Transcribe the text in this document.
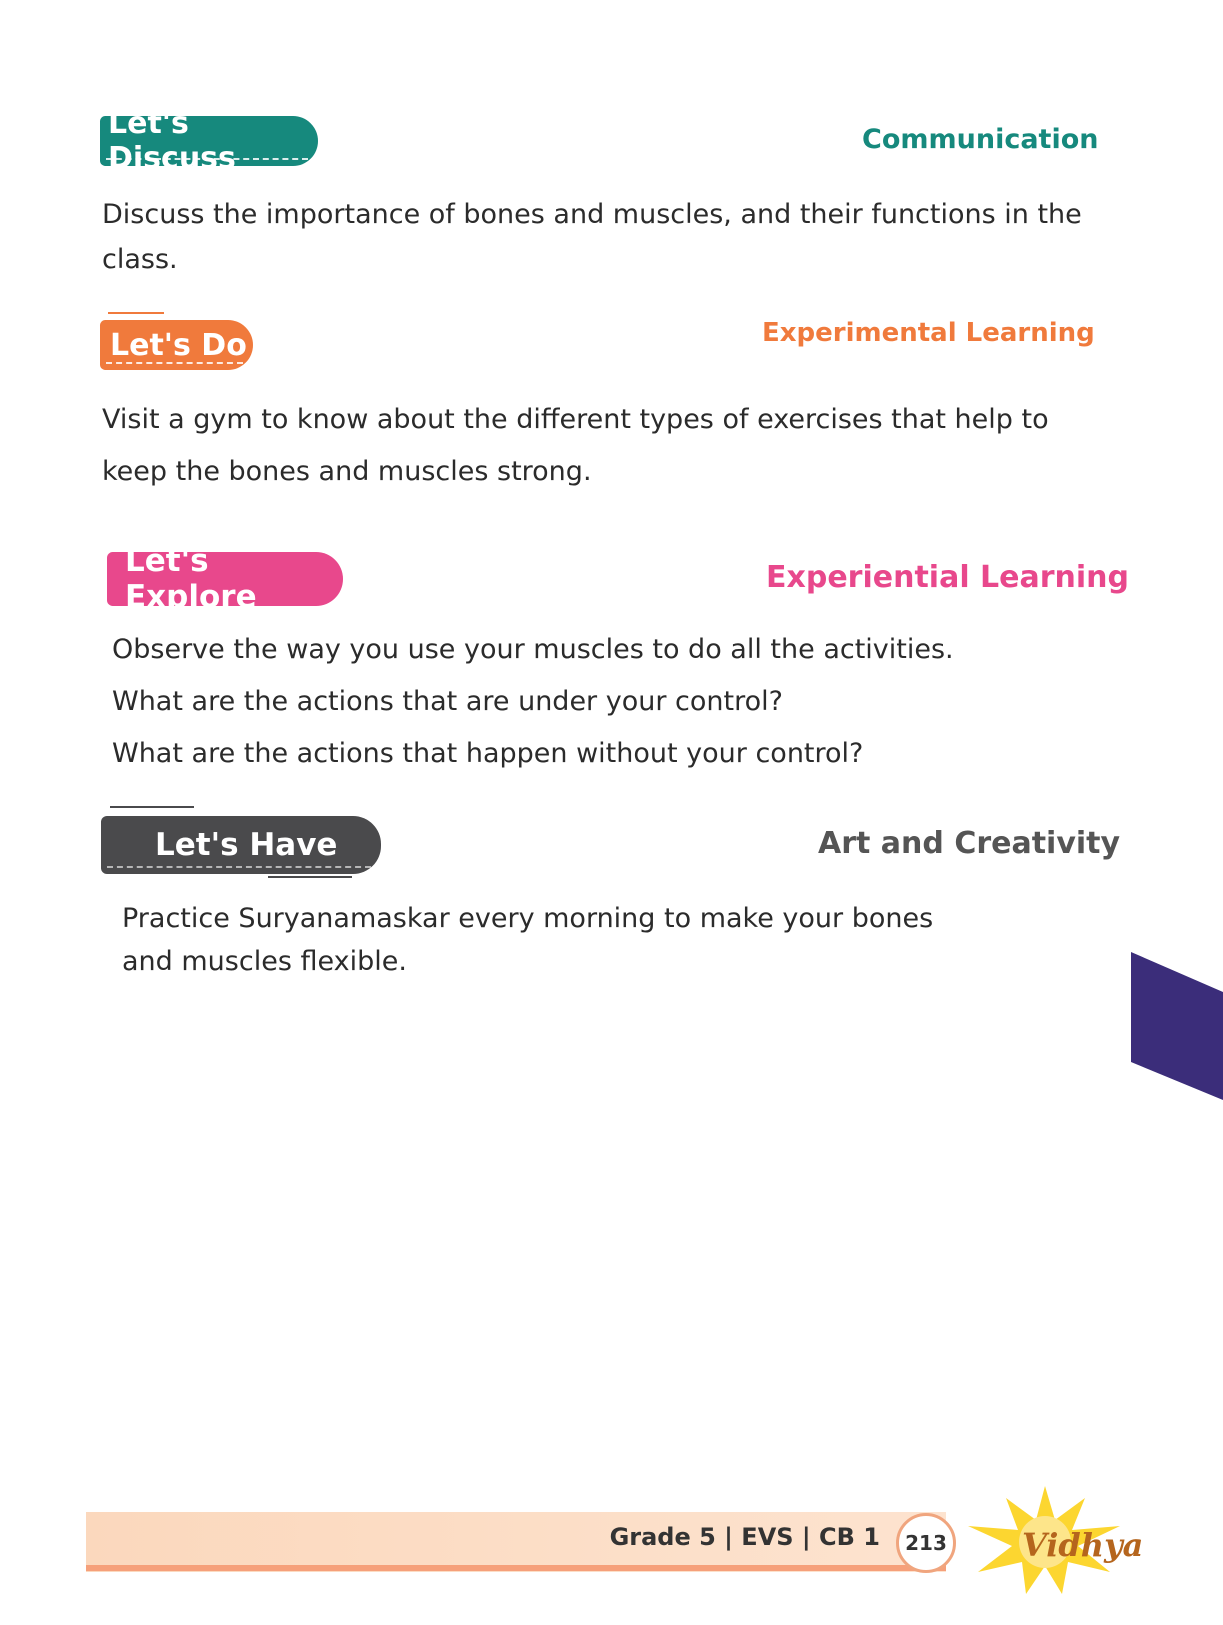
Let's Discuss
Communication

Discuss the importance of bones and muscles, and their functions in the

class.

Let's Do	Experimental Learning

Visit a gym to know about the different types of exercises that help to

keep the bones and muscles strong.

Let's Explore
Experiential Learning

Observe the way you use your muscles to do all the activities.

What are the actions that are under your control?

What are the actions that happen without your control?

Let's Have	Art and Creativity

Practice Suryanamaskar every morning to make your bones

and muscles flexible.

Grade 5 | EVS | CB 1	213 Vidhya
